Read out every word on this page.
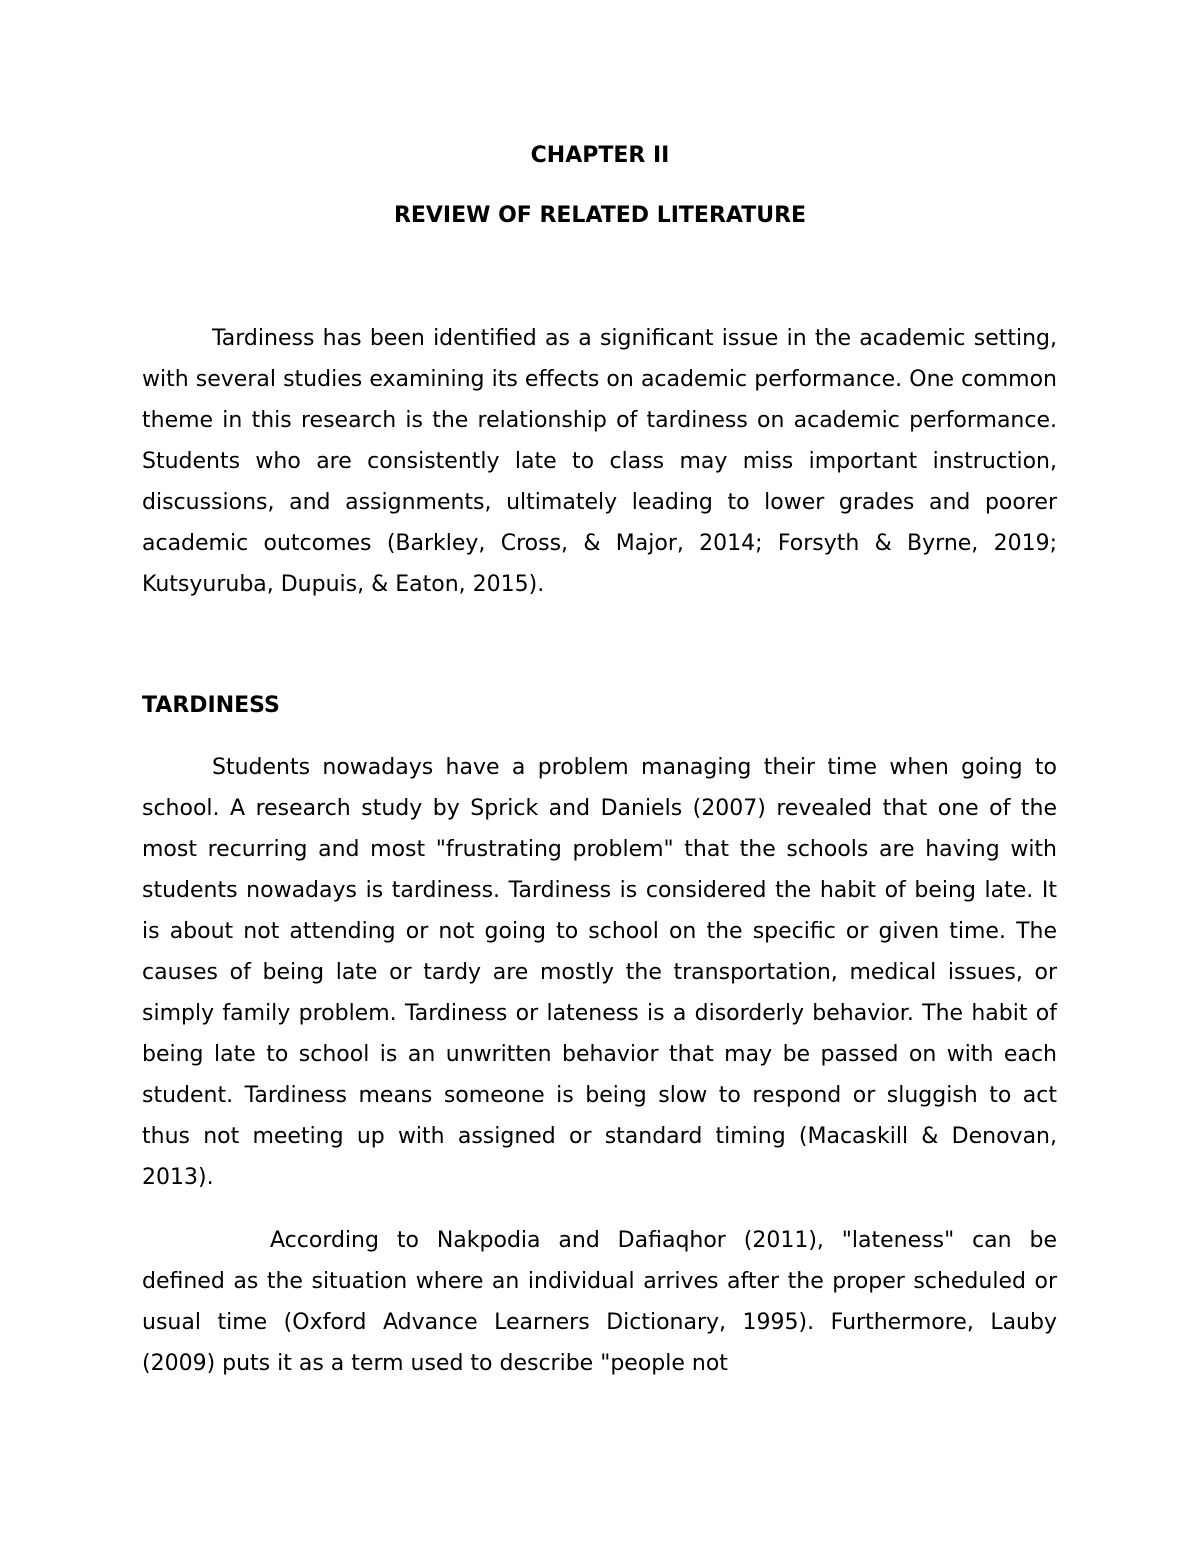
CHAPTER II
REVIEW OF RELATED LITERATURE

Tardiness has been identified as a significant issue in the academic setting, with several studies examining its effects on academic performance. One common theme in this research is the relationship of tardiness on academic performance. Students who are consistently late to class may miss important instruction, discussions, and assignments, ultimately leading to lower grades and poorer academic outcomes (Barkley, Cross, & Major, 2014; Forsyth & Byrne, 2019; Kutsyuruba, Dupuis, & Eaton, 2015).

TARDINESS

Students nowadays have a problem managing their time when going to school. A research study by Sprick and Daniels (2007) revealed that one of the most recurring and most "frustrating problem" that the schools are having with students nowadays is tardiness. Tardiness is considered the habit of being late. It is about not attending or not going to school on the specific or given time. The causes of being late or tardy are mostly the transportation, medical issues, or simply family problem. Tardiness or lateness is a disorderly behavior. The habit of being late to school is an unwritten behavior that may be passed on with each student. Tardiness means someone is being slow to respond or sluggish to act thus not meeting up with assigned or standard timing (Macaskill & Denovan, 2013).

According to Nakpodia and Dafiaqhor (2011), "lateness" can be defined as the situation where an individual arrives after the proper scheduled or usual time (Oxford Advance Learners Dictionary, 1995). Furthermore, Lauby (2009) puts it as a term used to describe "people not
